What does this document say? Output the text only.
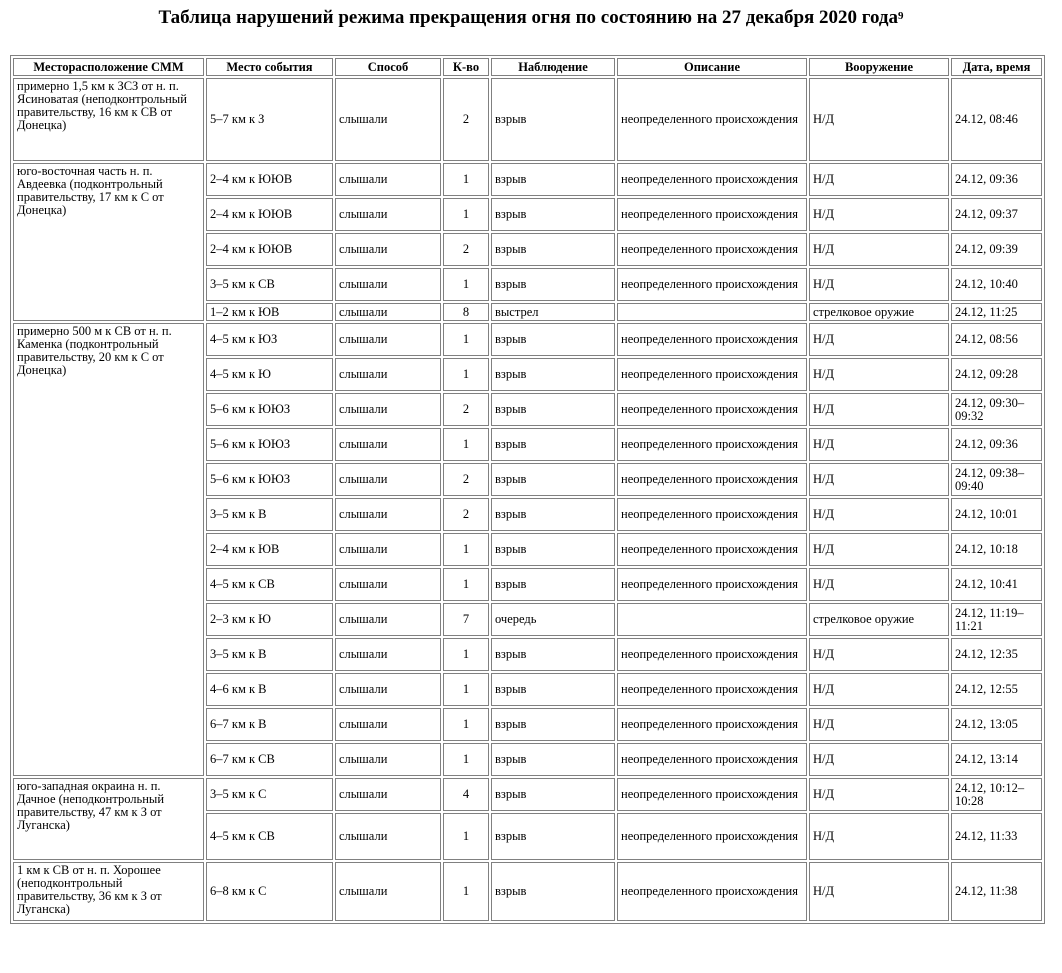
Таблица нарушений режима прекращения огня по состоянию на 27 декабря 2020 года$^9$
Месторасположение СММ	Место события	Способ	К-во	Наблюдение	Описание	Вооружение	Дата, время
примерно 1,5 км к ЗСЗ от н. п. Ясиноватая (неподконтрольный правительству, 16 км к СВ от Донецка)	5–7 км к З	слышали	2	взрыв	неопределенного происхождения	Н/Д	24.12, 08:46
юго-восточная часть н. п. Авдеевка (подконтрольный правительству, 17 км к С от Донецка)	2–4 км к ЮЮВ	слышали	1	взрыв	неопределенного происхождения	Н/Д	24.12, 09:36
	2–4 км к ЮЮВ	слышали	1	взрыв	неопределенного происхождения	Н/Д	24.12, 09:37
	2–4 км к ЮЮВ	слышали	2	взрыв	неопределенного происхождения	Н/Д	24.12, 09:39
	3–5 км к СВ	слышали	1	взрыв	неопределенного происхождения	Н/Д	24.12, 10:40
	1–2 км к ЮВ	слышали	8	выстрел		стрелковое оружие	24.12, 11:25
примерно 500 м к СВ от н. п. Каменка (подконтрольный правительству, 20 км к С от Донецка)	4–5 км к ЮЗ	слышали	1	взрыв	неопределенного происхождения	Н/Д	24.12, 08:56
	4–5 км к Ю	слышали	1	взрыв	неопределенного происхождения	Н/Д	24.12, 09:28
	5–6 км к ЮЮЗ	слышали	2	взрыв	неопределенного происхождения	Н/Д	24.12, 09:30–09:32
	5–6 км к ЮЮЗ	слышали	1	взрыв	неопределенного происхождения	Н/Д	24.12, 09:36
	5–6 км к ЮЮЗ	слышали	2	взрыв	неопределенного происхождения	Н/Д	24.12, 09:38–09:40
	3–5 км к В	слышали	2	взрыв	неопределенного происхождения	Н/Д	24.12, 10:01
	2–4 км к ЮВ	слышали	1	взрыв	неопределенного происхождения	Н/Д	24.12, 10:18
	4–5 км к СВ	слышали	1	взрыв	неопределенного происхождения	Н/Д	24.12, 10:41
	2–3 км к Ю	слышали	7	очередь		стрелковое оружие	24.12, 11:19–11:21
	3–5 км к В	слышали	1	взрыв	неопределенного происхождения	Н/Д	24.12, 12:35
	4–6 км к В	слышали	1	взрыв	неопределенного происхождения	Н/Д	24.12, 12:55
	6–7 км к В	слышали	1	взрыв	неопределенного происхождения	Н/Д	24.12, 13:05
	6–7 км к СВ	слышали	1	взрыв	неопределенного происхождения	Н/Д	24.12, 13:14
юго-западная окраина н. п. Дачное (неподконтрольный правительству, 47 км к З от Луганска)	3–5 км к С	слышали	4	взрыв	неопределенного происхождения	Н/Д	24.12, 10:12–10:28
	4–5 км к СВ	слышали	1	взрыв	неопределенного происхождения	Н/Д	24.12, 11:33
1 км к СВ от н. п. Хорошее (неподконтрольный правительству, 36 км к З от Луганска)	6–8 км к С	слышали	1	взрыв	неопределенного происхождения	Н/Д	24.12, 11:38
